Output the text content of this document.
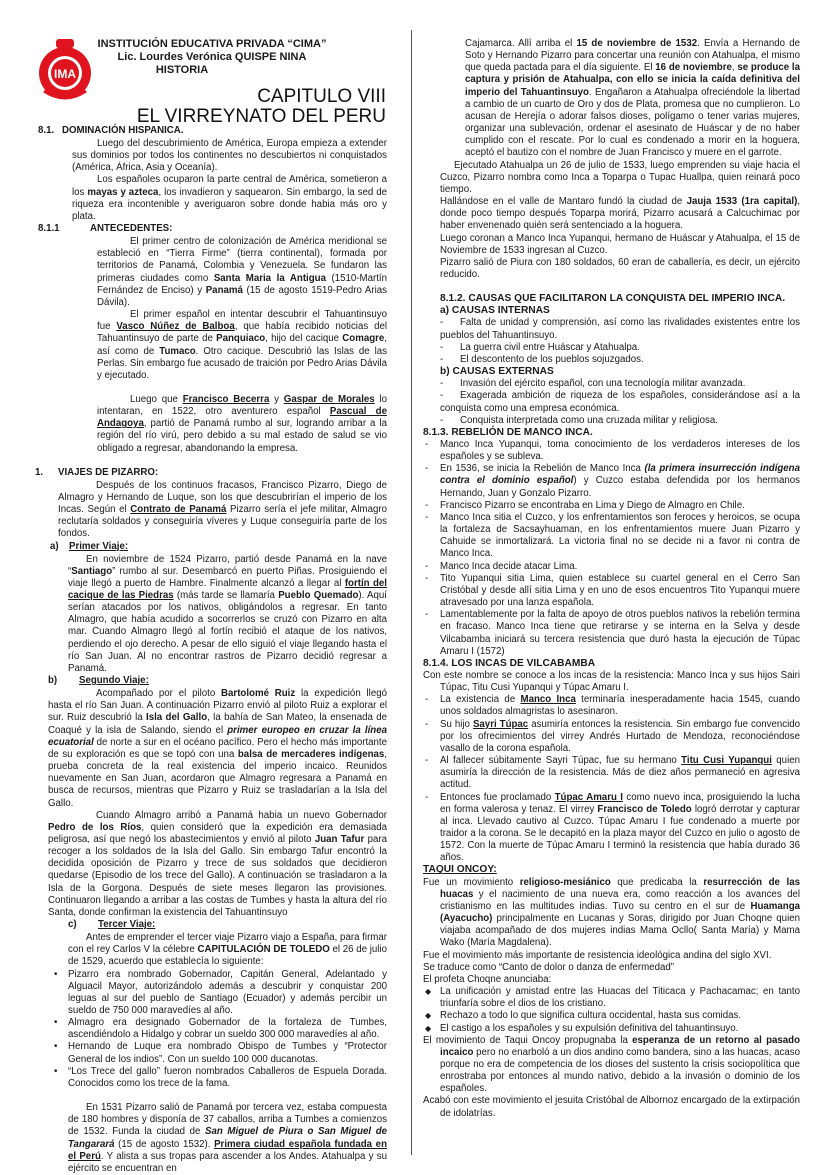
IMA
INSTITUCIÓN EDUCATIVA PRIVADA “CIMA”
Lic. Lourdes Verónica QUISPE NINA
HISTORIA
CAPITULO VIII
EL VIRREYNATO DEL PERU
8.1. DOMINACIÓN HISPANICA.
Luego del descubrimiento de América, Europa empieza a extender sus dominios por todos los continentes no descubiertos ni conquistados (América, África, Asia y Oceanía).
Los españoles ocuparon la parte central de América, sometieron a los mayas y azteca, los invadieron y saquearon. Sin embargo, la sed de riqueza era incontenible y averiguaron sobre donde habia más oro y plata.
8.1.1	ANTECEDENTES:
El primer centro de colonización de América meridional se estableció en “Tierra Firme” (tierra continental), formada por territorios de Panamá, Colombia y Venezuela. Se fundaron las primeras ciudades como Santa Maria la Antigua (1510-Martín Fernández de Enciso) y Panamá (15 de agosto 1519-Pedro Arias Dávila).
El primer español en intentar descubrir el Tahuantinsuyo fue Vasco Núñez de Balboa, que había recibido noticias del Tahuantinsuyo de parte de Panquiaco, hijo del cacique Comagre, así como de Tumaco. Otro cacique. Descubrió las Islas de las Perlas. Sin embargo fue acusado de traición por Pedro Arias Dávila y ejecutado.
Luego que Francisco Becerra y Gaspar de Morales lo intentaran, en 1522, otro aventurero español Pascual de Andagoya, partió de Panamá rumbo al sur, logrando arribar a la región del río virú, pero debido a su mal estado de salud se vio obligado a regresar, abandonando la empresa.
1. VIAJES DE PIZARRO:
Después de los continuos fracasos, Francisco Pizarro, Diego de Almagro y Hernando de Luque, son los que descubrirían el imperio de los Incas. Según el Contrato de Panamá Pizarro sería el jefe militar, Almagro reclutaría soldados y conseguiría víveres y Luque conseguiría parte de los fondos.
a) Primer Viaje:
En noviembre de 1524 Pizarro, partió desde Panamá en la nave “Santiago” rumbo al sur. Desembarcó en puerto Piñas. Prosiguiendo el viaje llegó a puerto de Hambre. Finalmente alcanzó a llegar al fortín del cacique de las Piedras (más tarde se llamaría Pueblo Quemado). Aquí serían atacados por los nativos, obligándolos a regresar. En tanto Almagro, que había acudido a socorrerlos se cruzó con Pizarro en alta mar. Cuando Almagro llegó al fortín recibió el ataque de los nativos, perdiendo el ojo derecho. A pesar de ello siguió el viaje llegando hasta el río San Juan. Al no encontrar rastros de Pizarro decidió regresar a Panamá.
b) Segundo Viaje:
Acompañado por el piloto Bartolomé Ruiz la expedición llegó hasta el río San Juan. A continuación Pizarro envió al piloto Ruiz a explorar el sur. Ruiz descubrió la Isla del Gallo, la bahía de San Mateo, la ensenada de Coaqué y la isla de Salando, siendo el primer europeo en cruzar la línea ecuatorial de norte a sur en el océano pacífico. Pero el hecho más importante de su exploración es que se topó con una balsa de mercaderes indígenas, prueba concreta de la real existencia del imperio incaico. Reunidos nuevamente en San Juan, acordaron que Almagro regresara a Panamá en busca de recursos, mientras que Pizarro y Ruiz se trasladarían a la Isla del Gallo.
Cuando Almagro arribó a Panamá habia un nuevo Gobernador Pedro de los Ríos, quien consideró que la expedición era demasiada peligrosa, así que negó los abastecimientos y envió al piloto Juan Tafur para recoger a los soldados de la Isla del Gallo. Sin embargo Tafur encontró la decidida oposición de Pizarro y trece de sus soldados que decidieron quedarse (Episodio de los trece del Gallo). A continuación se trasladaron a la Isla de la Gorgona. Después de siete meses llegaron las provisiones. Continuaron llegando a arribar a las costas de Tumbes y hasta la altura del río Santa, donde confirman la existencia del Tahuantinsuyo
c) Tercer Viaje:
Antes de emprender el tercer viaje Pizarro viajo a España, para firmar con el rey Carlos V la célebre CAPITULACIÓN DE TOLEDO el 26 de julio de 1529, acuerdo que establecía lo siguiente:
• Pizarro era nombrado Gobernador, Capitán General, Adelantado y Alguacil Mayor, autorizándolo además a descubrir y conquistar 200 leguas al sur del pueblo de Santiago (Ecuador) y además percibir un sueldo de 750 000 maravedíes al año.
• Almagro era designado Gobernador de la fortaleza de Tumbes, ascendiéndolo a Hidalgo y cobrar un sueldo 300 000 maravedíes al año.
• Hernando de Luque era nombrado Obispo de Tumbes y “Protector General de los indios”. Con un sueldo 100 000 ducanotas.
• “Los Trece del gallo” fueron nombrados Caballeros de Espuela Dorada. Conocidos como los trece de la fama.
En 1531 Pizarro salió de Panamá por tercera vez, estaba compuesta de 180 hombres y disponía de 37 caballos, arriba a Tumbes a comienzos de 1532. Funda la ciudad de San Miguel de Piura o San Miguel de Tangarará (15 de agosto 1532). Primera ciudad española fundada en el Perú. Y alista a sus tropas para ascender a los Andes. Atahualpa y su ejército se encuentran en
Cajamarca. Allí arriba el 15 de noviembre de 1532. Envía a Hernando de Soto y Hernando Pizarro para concertar una reunión con Atahualpa, el mismo que queda pactada para el día siguiente. El 16 de noviembre, se produce la captura y prisión de Atahualpa, con ello se inicia la caída definitiva del imperio del Tahuantinsuyo. Engañaron a Atahualpa ofreciéndole la libertad a cambio de un cuarto de Oro y dos de Plata, promesa que no cumplieron. Lo acusan de Herejía o adorar falsos dioses, polígamo o tener varias mujeres, organizar una sublevación, ordenar el asesinato de Huáscar y de no haber cumplido con el rescate. Por lo cual es condenado a morir en la hoguera, aceptó el bautizo con el nombre de Juan Francisco y muere en el garrote.
Ejecutado Atahualpa un 26 de julio de 1533, luego emprenden su viaje hacia el Cuzco, Pizarro nombra como Inca a Toparpa o Tupac Huallpa, quien reinará poco tiempo.
Hallándose en el valle de Mantaro fundó la ciudad de Jauja 1533 (1ra capital), donde poco tiempo después Toparpa morirá, Pizarro acusará a Calcuchimac por haber envenenado quién será sentenciado a la hoguera.
Luego coronan a Manco Inca Yupanqui, hermano de Huáscar y Atahualpa, el 15 de Noviembre de 1533 ingresan al Cuzco.
Pizarro salió de Piura con 180 soldados, 60 eran de caballería, es decir, un ejército reducido.
8.1.2. CAUSAS QUE FACILITARON LA CONQUISTA DEL IMPERIO INCA.
a) CAUSAS INTERNAS
- Falta de unidad y comprensión, así como las rivalidades existentes entre los pueblos del Tahuantinsuyo.
- La guerra civil entre Huáscar y Atahualpa.
- El descontento de los pueblos sojuzgados.
b) CAUSAS EXTERNAS
- Invasión del ejército español, con una tecnología militar avanzada.
- Exagerada ambición de riqueza de los españoles, considerándose así a la conquista como una empresa económica.
- Conquista interpretada como una cruzada militar y religiosa.
8.1.3. REBELIÓN DE MANCO INCA.
- Manco Inca Yupanqui, toma conocimiento de los verdaderos intereses de los españoles y se subleva.
- En 1536, se inicia la Rebelión de Manco Inca (la primera insurrección indígena contra el dominio español) y Cuzco estaba defendida por los hermanos Hernando, Juan y Gonzalo Pizarro.
- Francisco Pizarro se encontraba en Lima y Diego de Almagro en Chile.
- Manco Inca sitia el Cuzco, y los enfrentamientos son feroces y heroicos, se ocupa la fortaleza de Sacsayhuaman, en los enfrentamientos muere Juan Pizarro y Cahuide se inmortalizará. La victoria final no se decide ni a favor ni contra de Manco Inca.
- Manco Inca decide atacar Lima.
- Tito Yupanqui sitia Lima, quien establece su cuartel general en el Cerro San Cristóbal y desde allí sitia Lima y en uno de esos encuentros Tito Yupanqui muere atravesado por una lanza española.
- Lamentablemente por la falta de apoyo de otros pueblos nativos la rebelión termina en fracaso. Manco Inca tiene que retirarse y se interna en la Selva y desde Vilcabamba iniciará su tercera resistencia que duró hasta la ejecución de Túpac Amaru I (1572)
8.1.4. LOS INCAS DE VILCABAMBA
Con este nombre se conoce a los incas de la resistencia: Manco Inca y sus hijos Sairi Túpac, Titu Cusi Yupanqui y Túpac Amaru I.
- La existencia de Manco Inca terminaría inesperadamente hacia 1545, cuando unos soldados almagristas lo asesinaron.
- Su hijo Sayri Túpac asumiría entonces la resistencia. Sin embargo fue convencido por los ofrecimientos del virrey Andrés Hurtado de Mendoza, reconociéndose vasallo de la corona española.
- Al fallecer súbitamente Sayri Túpac, fue su hermano Titu Cusi Yupanqui quien asumiría la dirección de la resistencia. Más de diez años permaneció en agresiva actitud.
- Entonces fue proclamado Túpac Amaru I como nuevo inca, prosiguiendo la lucha en forma valerosa y tenaz. El virrey Francisco de Toledo logró derrotar y capturar al inca. Llevado cautivo al Cuzco. Túpac Amaru I fue condenado a muerte por traidor a la corona. Se le decapitó en la plaza mayor del Cuzco en julio o agosto de 1572. Con la muerte de Túpac Amaru I terminó la resistencia que había durado 36 años.
TAQUI ONCOY:
Fue un movimiento religioso-mesiánico que predicaba la resurrección de las huacas y el nacimiento de una nueva era, como reacción a los avances del cristianismo en las multitudes indias. Tuvo su centro en el sur de Huamanga (Ayacucho) principalmente en Lucanas y Soras, dirigido por Juan Choqne quien viajaba acompañado de dos mujeres indias Mama Ocllo( Santa María) y Mama Wako (María Magdalena).
Fue el movimiento más importante de resistencia ideológica andina del siglo XVI.
Se traduce como “Canto de dolor o danza de enfermedad”
El profeta Choqne anunciaba:
◆ La unificación y amistad entre las Huacas del Titicaca y Pachacamac; en tanto triunfaría sobre el dios de los cristiano.
◆ Rechazo a todo lo que significa cultura occidental, hasta sus comidas.
◆ El castigo a los españoles y su expulsión definitiva del tahuantinsuyo.
El movimiento de Taqui Oncoy propugnaba la esperanza de un retorno al pasado incaico pero no enarboló a un dios andino como bandera, sino a las huacas, acaso porque no era de competencia de los dioses del sustento la crisis sociopolítica que enrostraba por entonces al mundo nativo, debido a la invasión o dominio de los españoles.
Acabó con este movimiento el jesuita Cristóbal de Albornoz encargado de la extirpación de idolatrías.
